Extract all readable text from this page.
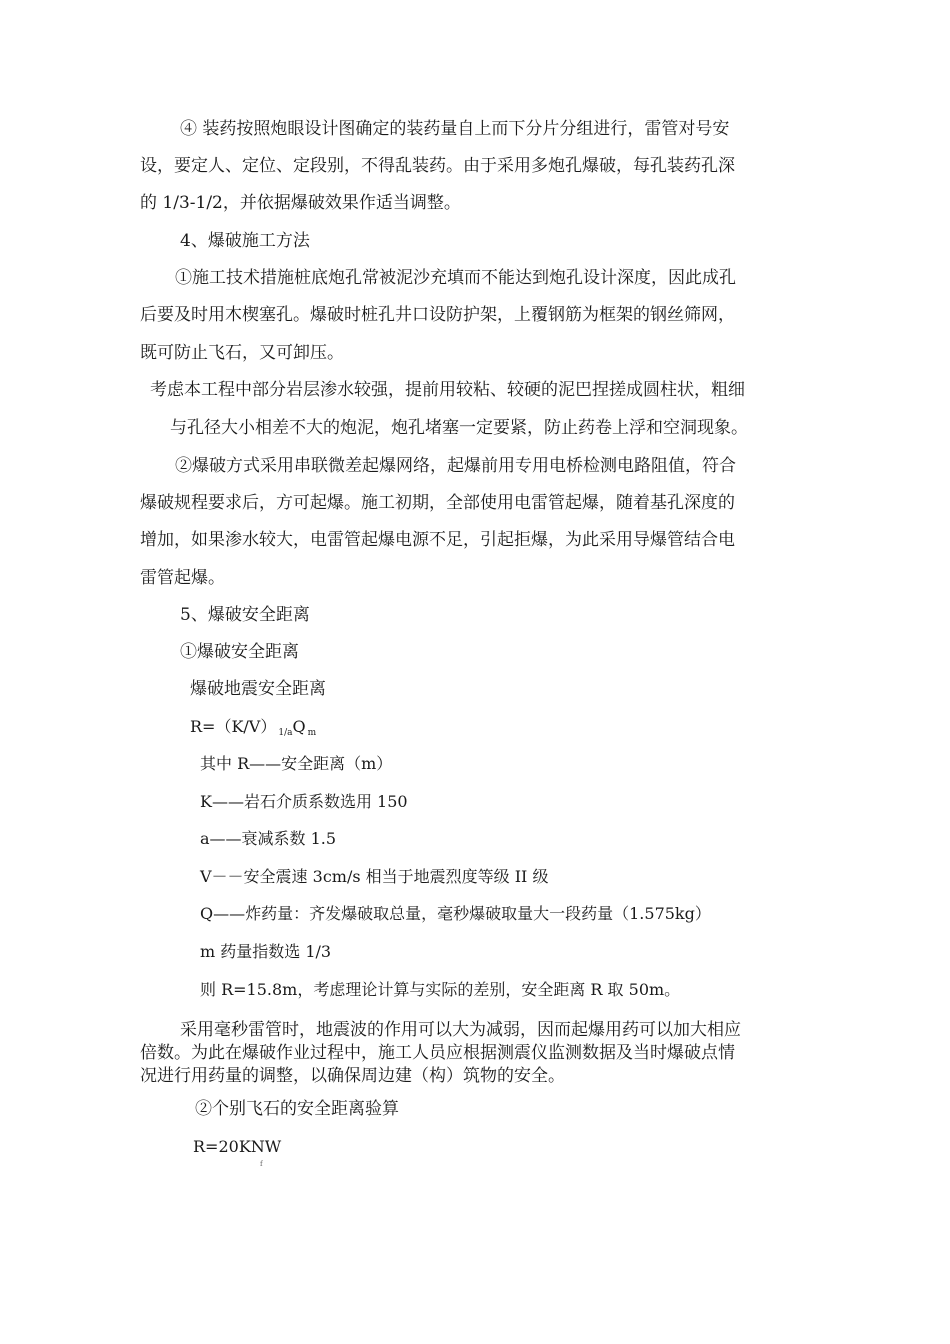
④ 装药按照炮眼设计图确定的装药量自上而下分片分组进行，雷管对号安
设，要定人、定位、定段别，不得乱装药。由于采用多炮孔爆破，每孔装药孔深
的 1/3-1/2，并依据爆破效果作适当调整。
4、爆破施工方法
①施工技术措施桩底炮孔常被泥沙充填而不能达到炮孔设计深度，因此成孔
后要及时用木楔塞孔。爆破时桩孔井口设防护架，上覆钢筋为框架的钢丝筛网，
既可防止飞石，又可卸压。
考虑本工程中部分岩层渗水较强，提前用较粘、较硬的泥巴捏搓成圆柱状，粗细
与孔径大小相差不大的炮泥，炮孔堵塞一定要紧，防止药卷上浮和空洞现象。
②爆破方式采用串联微差起爆网络，起爆前用专用电桥检测电路阻值，符合
爆破规程要求后，方可起爆。施工初期，全部使用电雷管起爆，随着基孔深度的
增加，如果渗水较大，电雷管起爆电源不足，引起拒爆，为此采用导爆管结合电
雷管起爆。
5、爆破安全距离
①爆破安全距离
爆破地震安全距离
R=（K/V） $_{1/a}$Q $_m$
其中 R——安全距离（m）
K——岩石介质系数选用 150
a——衰减系数 1.5
V－－安全震速 3cm/s 相当于地震烈度等级 II 级
Q——炸药量：齐发爆破取总量，毫秒爆破取量大一段药量（1.575kg）
m 药量指数选 1/3
则 R=15.8m，考虑理论计算与实际的差别，安全距离 R 取 50m。
采用毫秒雷管时，地震波的作用可以大为减弱，因而起爆用药可以加大相应
倍数。为此在爆破作业过程中，施工人员应根据测震仪监测数据及当时爆破点情
况进行用药量的调整，以确保周边建（构）筑物的安全。
②个别飞石的安全距离验算
R=20KNW
f
